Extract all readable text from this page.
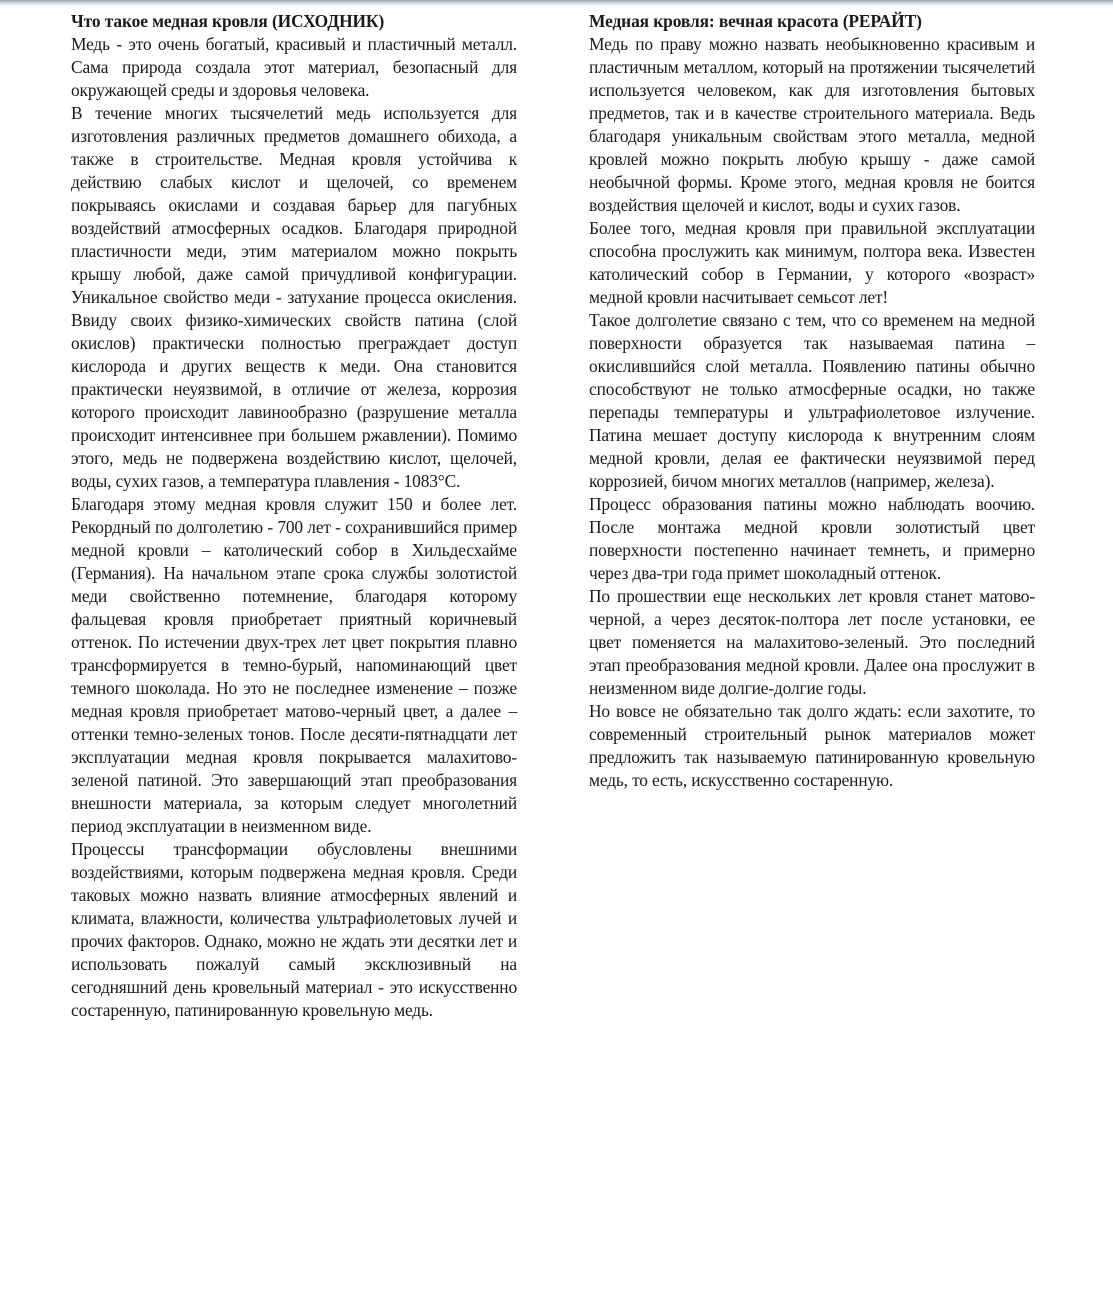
Что такое медная кровля (ИСХОДНИК)

Медь - это очень богатый, красивый и пластичный металл. Сама природа создала этот материал, безопасный для окружающей среды и здоровья человека.

В течение многих тысячелетий медь используется для изготовления различных предметов домашнего обихода, а также в строительстве. Медная кровля устойчива к действию слабых кислот и щелочей, со временем покрываясь окислами и создавая барьер для пагубных воздействий атмосферных осадков. Благодаря природной пластичности меди, этим материалом можно покрыть крышу любой, даже самой причудливой конфигурации. Уникальное свойство меди - затухание процесса окисления. Ввиду своих физико-химических свойств патина (слой окислов) практически полностью преграждает доступ кислорода и других веществ к меди. Она становится практически неуязвимой, в отличие от железа, коррозия которого происходит лавинообразно (разрушение металла происходит интенсивнее при большем ржавлении). Помимо этого, медь не подвержена воздействию кислот, щелочей, воды, сухих газов, а температура плавления - 1083°С.

Благодаря этому медная кровля служит 150 и более лет. Рекордный по долголетию - 700 лет - сохранившийся пример медной кровли – католический собор в Хильдесхайме (Германия). На начальном этапе срока службы золотистой меди свойственно потемнение, благодаря которому фальцевая кровля приобретает приятный коричневый оттенок. По истечении двух-трех лет цвет покрытия плавно трансформируется в темно-бурый, напоминающий цвет темного шоколада. Но это не последнее изменение – позже медная кровля приобретает матово-черный цвет, а далее – оттенки темно-зеленых тонов. После десяти-пятнадцати лет эксплуатации медная кровля покрывается малахитово-зеленой патиной. Это завершающий этап преобразования внешности материала, за которым следует многолетний период эксплуатации в неизменном виде.

Процессы трансформации обусловлены внешними воздействиями, которым подвержена медная кровля. Среди таковых можно назвать влияние атмосферных явлений и климата, влажности, количества ультрафиолетовых лучей и прочих факторов. Однако, можно не ждать эти десятки лет и использовать пожалуй самый эксклюзивный на сегодняшний день кровельный материал - это искусственно состаренную, патинированную кровельную медь.

Медная кровля: вечная красота (РЕРАЙТ)

Медь по праву можно назвать необыкновенно красивым и пластичным металлом, который на протяжении тысячелетий используется человеком, как для изготовления бытовых предметов, так и в качестве строительного материала. Ведь благодаря уникальным свойствам этого металла, медной кровлей можно покрыть любую крышу - даже самой необычной формы. Кроме этого, медная кровля не боится воздействия щелочей и кислот, воды и сухих газов.

Более того, медная кровля при правильной эксплуатации способна прослужить как минимум, полтора века. Известен католический собор в Германии, у которого «возраст» медной кровли насчитывает семьсот лет!

Такое долголетие связано с тем, что со временем на медной поверхности образуется так называемая патина – окислившийся слой металла. Появлению патины обычно способствуют не только атмосферные осадки, но также перепады температуры и ультрафиолетовое излучение. Патина мешает доступу кислорода к внутренним слоям медной кровли, делая ее фактически неуязвимой перед коррозией, бичом многих металлов (например, железа).

Процесс образования патины можно наблюдать воочию. После монтажа медной кровли золотистый цвет поверхности постепенно начинает темнеть, и примерно через два-три года примет шоколадный оттенок.

По прошествии еще нескольких лет кровля станет матово-черной, а через десяток-полтора лет после установки, ее цвет поменяется на малахитово-зеленый. Это последний этап преобразования медной кровли. Далее она прослужит в неизменном виде долгие-долгие годы.

Но вовсе не обязательно так долго ждать: если захотите, то современный строительный рынок материалов может предложить так называемую патинированную кровельную медь, то есть, искусственно состаренную.
